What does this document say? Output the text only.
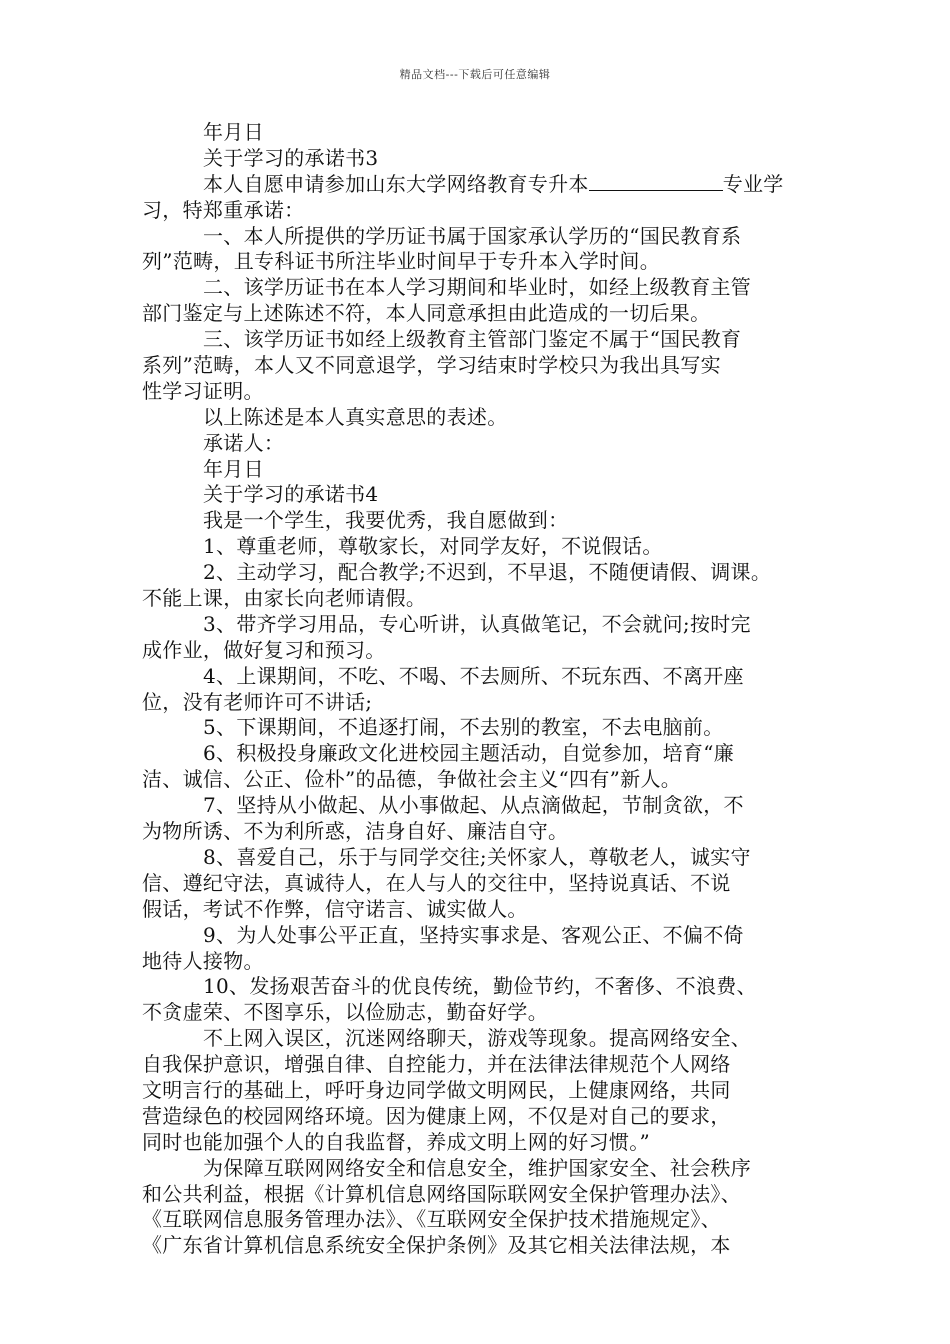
精品文档---下载后可任意编辑
年月日
关于学习的承诺书3
本人自愿申请参加山东大学网络教育专升本	专业学
习，特郑重承诺：
一、本人所提供的学历证书属于国家承认学历的“国民教育系
列”范畴，且专科证书所注毕业时间早于专升本入学时间。
二、该学历证书在本人学习期间和毕业时，如经上级教育主管
部门鉴定与上述陈述不符，本人同意承担由此造成的一切后果。
三、该学历证书如经上级教育主管部门鉴定不属于“国民教育
系列”范畴，本人又不同意退学，学习结束时学校只为我出具写实
性学习证明。
以上陈述是本人真实意思的表述。
承诺人：
年月日
关于学习的承诺书4
我是一个学生，我要优秀，我自愿做到：
1、尊重老师，尊敬家长，对同学友好，不说假话。
2、主动学习，配合教学;不迟到，不早退，不随便请假、调课。
不能上课，由家长向老师请假。
3、带齐学习用品，专心听讲，认真做笔记，不会就问;按时完
成作业，做好复习和预习。
4、上课期间，不吃、不喝、不去厕所、不玩东西、不离开座
位，没有老师许可不讲话;
5、下课期间，不追逐打闹，不去别的教室，不去电脑前。
6、积极投身廉政文化进校园主题活动，自觉参加，培育“廉
洁、诚信、公正、俭朴”的品德，争做社会主义“四有”新人。
7、坚持从小做起、从小事做起、从点滴做起，节制贪欲，不
为物所诱、不为利所惑，洁身自好、廉洁自守。
8、喜爱自己，乐于与同学交往;关怀家人，尊敬老人，诚实守
信、遵纪守法，真诚待人，在人与人的交往中，坚持说真话、不说
假话，考试不作弊，信守诺言、诚实做人。
9、为人处事公平正直，坚持实事求是、客观公正、不偏不倚
地待人接物。
10、发扬艰苦奋斗的优良传统，勤俭节约，不奢侈、不浪费、
不贪虚荣、不图享乐，以俭励志，勤奋好学。
不上网入误区，沉迷网络聊天，游戏等现象。提高网络安全、
自我保护意识，增强自律、自控能力，并在法律法律规范个人网络
文明言行的基础上，呼吁身边同学做文明网民，上健康网络，共同
营造绿色的校园网络环境。因为健康上网，不仅是对自己的要求，
同时也能加强个人的自我监督，养成文明上网的好习惯。”
为保障互联网网络安全和信息安全，维护国家安全、社会秩序
和公共利益，根据《计算机信息网络国际联网安全保护管理办法》、
《互联网信息服务管理办法》、《互联网安全保护技术措施规定》、
《广东省计算机信息系统安全保护条例》及其它相关法律法规，本
